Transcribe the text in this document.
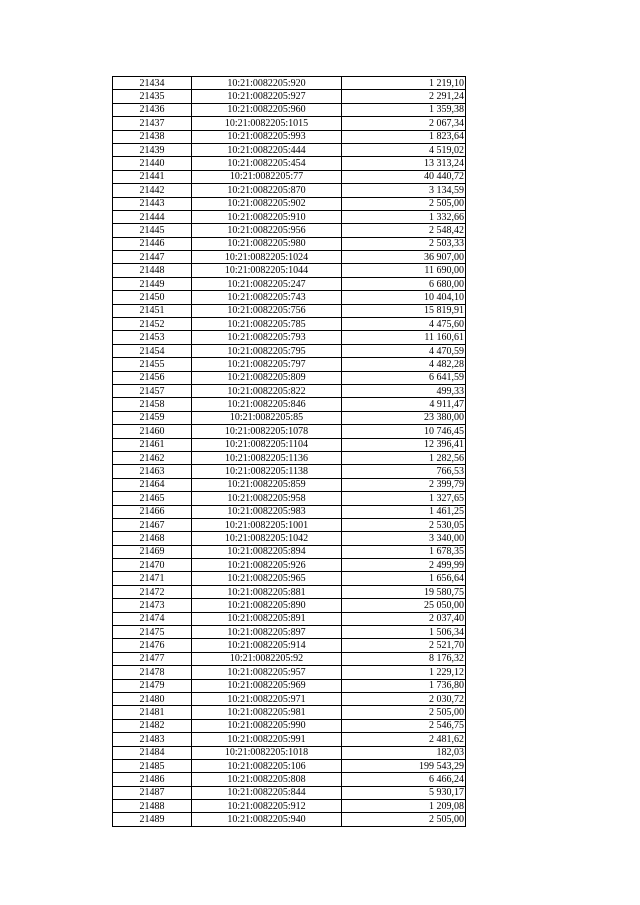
21434	10:21:0082205:920	1 219,10
21435	10:21:0082205:927	2 291,24
21436	10:21:0082205:960	1 359,38
21437	10:21:0082205:1015	2 067,34
21438	10:21:0082205:993	1 823,64
21439	10:21:0082205:444	4 519,02
21440	10:21:0082205:454	13 313,24
21441	10:21:0082205:77	40 440,72
21442	10:21:0082205:870	3 134,59
21443	10:21:0082205:902	2 505,00
21444	10:21:0082205:910	1 332,66
21445	10:21:0082205:956	2 548,42
21446	10:21:0082205:980	2 503,33
21447	10:21:0082205:1024	36 907,00
21448	10:21:0082205:1044	11 690,00
21449	10:21:0082205:247	6 680,00
21450	10:21:0082205:743	10 404,10
21451	10:21:0082205:756	15 819,91
21452	10:21:0082205:785	4 475,60
21453	10:21:0082205:793	11 160,61
21454	10:21:0082205:795	4 470,59
21455	10:21:0082205:797	4 482,28
21456	10:21:0082205:809	6 641,59
21457	10:21:0082205:822	499,33
21458	10:21:0082205:846	4 911,47
21459	10:21:0082205:85	23 380,00
21460	10:21:0082205:1078	10 746,45
21461	10:21:0082205:1104	12 396,41
21462	10:21:0082205:1136	1 282,56
21463	10:21:0082205:1138	766,53
21464	10:21:0082205:859	2 399,79
21465	10:21:0082205:958	1 327,65
21466	10:21:0082205:983	1 461,25
21467	10:21:0082205:1001	2 530,05
21468	10:21:0082205:1042	3 340,00
21469	10:21:0082205:894	1 678,35
21470	10:21:0082205:926	2 499,99
21471	10:21:0082205:965	1 656,64
21472	10:21:0082205:881	19 580,75
21473	10:21:0082205:890	25 050,00
21474	10:21:0082205:891	2 037,40
21475	10:21:0082205:897	1 506,34
21476	10:21:0082205:914	2 521,70
21477	10:21:0082205:92	8 176,32
21478	10:21:0082205:957	1 229,12
21479	10:21:0082205:969	1 736,80
21480	10:21:0082205:971	2 030,72
21481	10:21:0082205:981	2 505,00
21482	10:21:0082205:990	2 546,75
21483	10:21:0082205:991	2 481,62
21484	10:21:0082205:1018	182,03
21485	10:21:0082205:106	199 543,29
21486	10:21:0082205:808	6 466,24
21487	10:21:0082205:844	5 930,17
21488	10:21:0082205:912	1 209,08
21489	10:21:0082205:940	2 505,00
